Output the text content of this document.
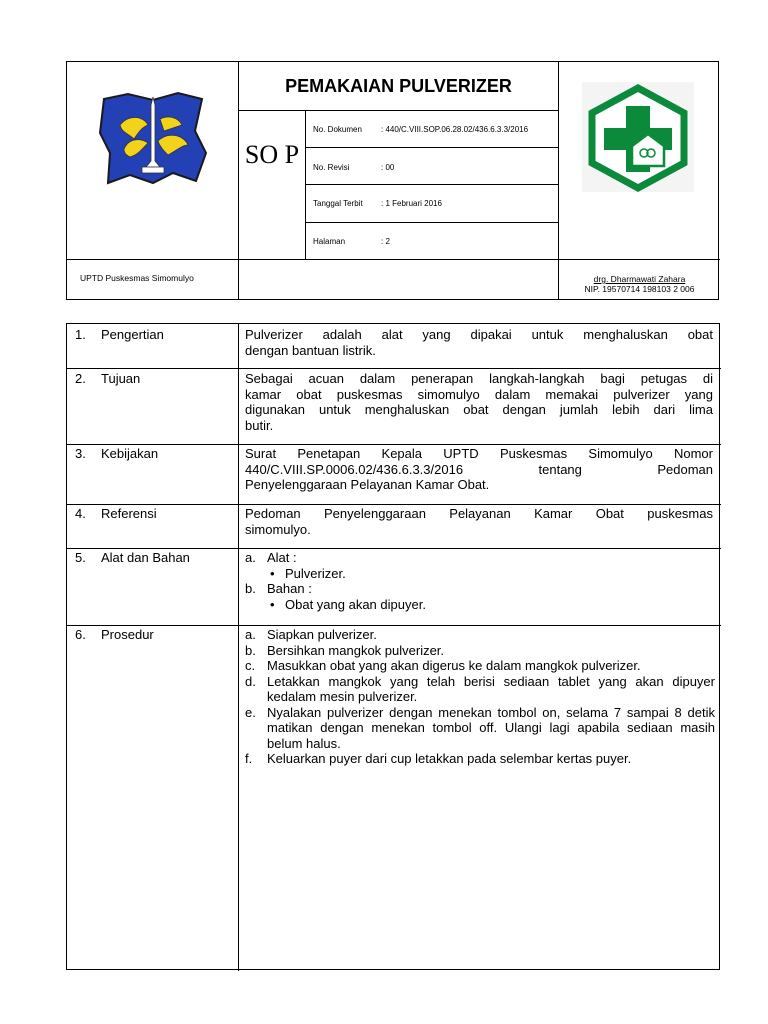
PEMAKAIAN PULVERIZER
SO P
No. Dokumen : 440/C.VIII.SOP.06.28.02/436.6.3.3/2016
No. Revisi	: 00
Tanggal Terbit : 1 Februari 2016
Halaman	: 2
UPTD Puskesmas Simomulyo	drg. Dharmawati Zahara
NIP. 19570714 198103 2 006
1. Pengertian	Pulverizer adalah alat yang dipakai untuk menghaluskan obat
dengan bantuan listrik.
2. Tujuan	Sebagai acuan dalam penerapan langkah-langkah bagi petugas di
kamar obat puskesmas simomulyo dalam memakai pulverizer yang
digunakan untuk menghaluskan obat dengan jumlah lebih dari lima
butir.
3. Kebijakan	Surat Penetapan Kepala UPTD Puskesmas Simomulyo Nomor
440/C.VIII.SP.0006.02/436.6.3.3/2016 tentang Pedoman
Penyelenggaraan Pelayanan Kamar Obat.
4. Referensi	Pedoman Penyelenggaraan Pelayanan Kamar Obat puskesmas
simomulyo.
5. Alat dan Bahan	a. Alat :
• Pulverizer.
b. Bahan :
• Obat yang akan dipuyer.
6. Prosedur	a. Siapkan pulverizer.
b. Bersihkan mangkok pulverizer.
c. Masukkan obat yang akan digerus ke dalam mangkok pulverizer.
d. Letakkan mangkok yang telah berisi sediaan tablet yang akan dipuyer kedalam mesin pulverizer.
e. Nyalakan pulverizer dengan menekan tombol on, selama 7 sampai 8 detik matikan dengan menekan tombol off. Ulangi lagi apabila sediaan masih belum halus.
f. Keluarkan puyer dari cup letakkan pada selembar kertas puyer.
